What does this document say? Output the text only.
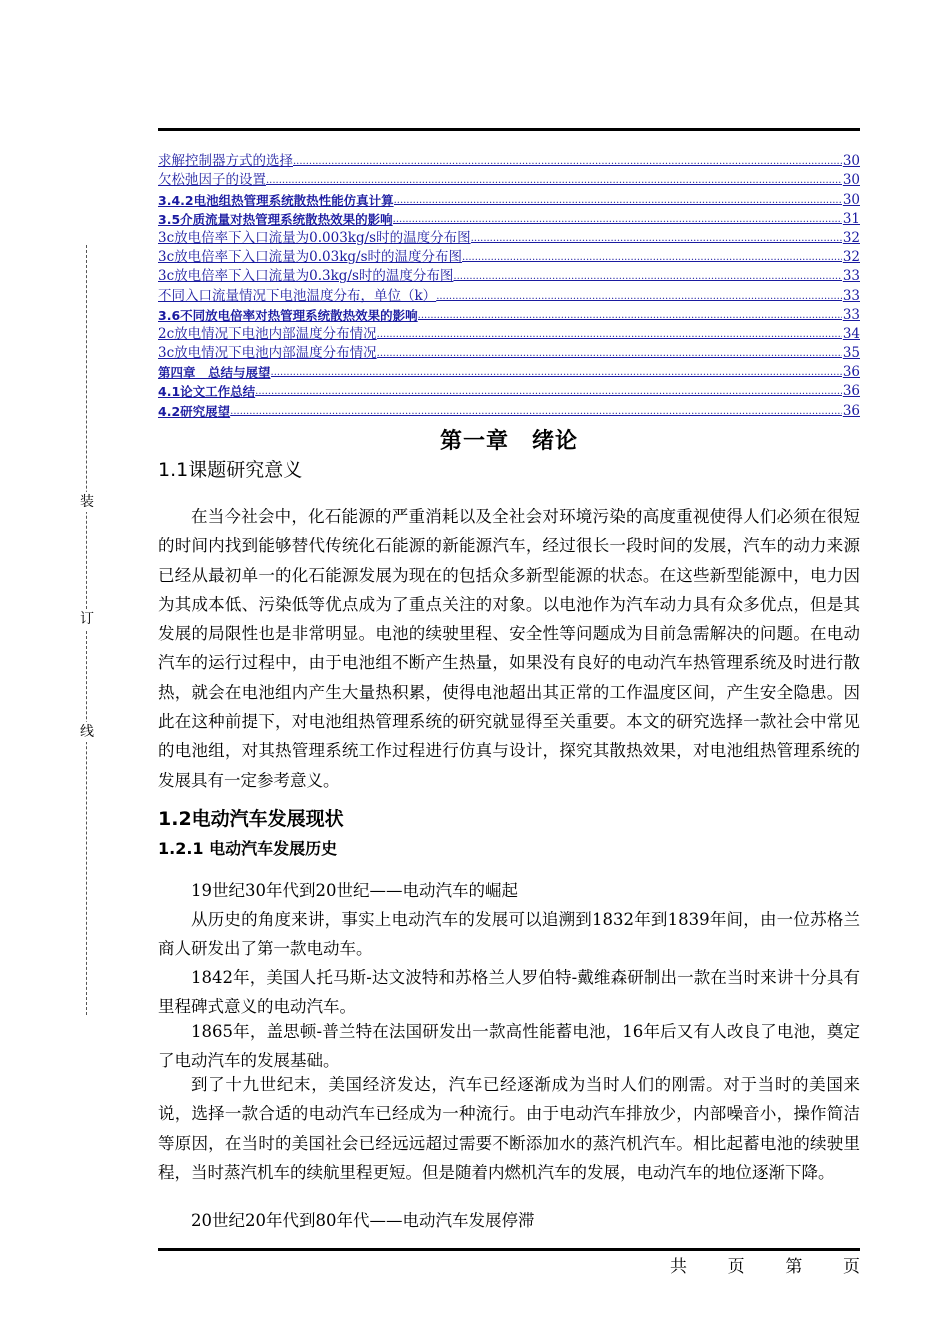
求解控制器方式的选择 .....	30
欠松弛因子的设置 .....	30
3.4.2电池组热管理系统散热性能仿真计算 .....	30
3.5介质流量对热管理系统散热效果的影响 .....	31
3c放电倍率下入口流量为0.003kg/s时的温度分布图 .....	32
3c放电倍率下入口流量为0.03kg/s时的温度分布图 .....	32
3c放电倍率下入口流量为0.3kg/s时的温度分布图 .....	33
不同入口流量情况下电池温度分布，单位（k） .....	33
3.6不同放电倍率对热管理系统散热效果的影响 .....	33
2c放电情况下电池内部温度分布情况 .....	34
3c放电情况下电池内部温度分布情况 .....	35
第四章　总结与展望 .....	36
4.1论文工作总结 .....	36
4.2研究展望 .....	36
装
订
线
第一章　绪论
1.1课题研究意义

在当今社会中，化石能源的严重消耗以及全社会对环境污染的高度重视使得人们必须在很短的时间内找到能够替代传统化石能源的新能源汽车，经过很长一段时间的发展，汽车的动力来源已经从最初单一的化石能源发展为现在的包括众多新型能源的状态。在这些新型能源中，电力因为其成本低、污染低等优点成为了重点关注的对象。以电池作为汽车动力具有众多优点，但是其发展的局限性也是非常明显。电池的续驶里程、安全性等问题成为目前急需解决的问题。在电动汽车的运行过程中，由于电池组不断产生热量，如果没有良好的电动汽车热管理系统及时进行散热，就会在电池组内产生大量热积累，使得电池超出其正常的工作温度区间，产生安全隐患。因此在这种前提下，对电池组热管理系统的研究就显得至关重要。本文的研究选择一款社会中常见的电池组，对其热管理系统工作过程进行仿真与设计，探究其散热效果，对电池组热管理系统的发展具有一定参考意义。

1.2电动汽车发展现状
1.2.1 电动汽车发展历史

19世纪30年代到20世纪——电动汽车的崛起

从历史的角度来讲，事实上电动汽车的发展可以追溯到1832年到1839年间，由一位苏格兰商人研发出了第一款电动车。

1842年，美国人托马斯-达文波特和苏格兰人罗伯特-戴维森研制出一款在当时来讲十分具有里程碑式意义的电动汽车。

1865年，盖思顿-普兰特在法国研发出一款高性能蓄电池，16年后又有人改良了电池，奠定了电动汽车的发展基础。

到了十九世纪末，美国经济发达，汽车已经逐渐成为当时人们的刚需。对于当时的美国来说，选择一款合适的电动汽车已经成为一种流行。由于电动汽车排放少，内部噪音小，操作简洁等原因，在当时的美国社会已经远远超过需要不断添加水的蒸汽机汽车。相比起蓄电池的续驶里程，当时蒸汽机车的续航里程更短。但是随着内燃机汽车的发展，电动汽车的地位逐渐下降。

20世纪20年代到80年代——电动汽车发展停滞

共 页 第 页
